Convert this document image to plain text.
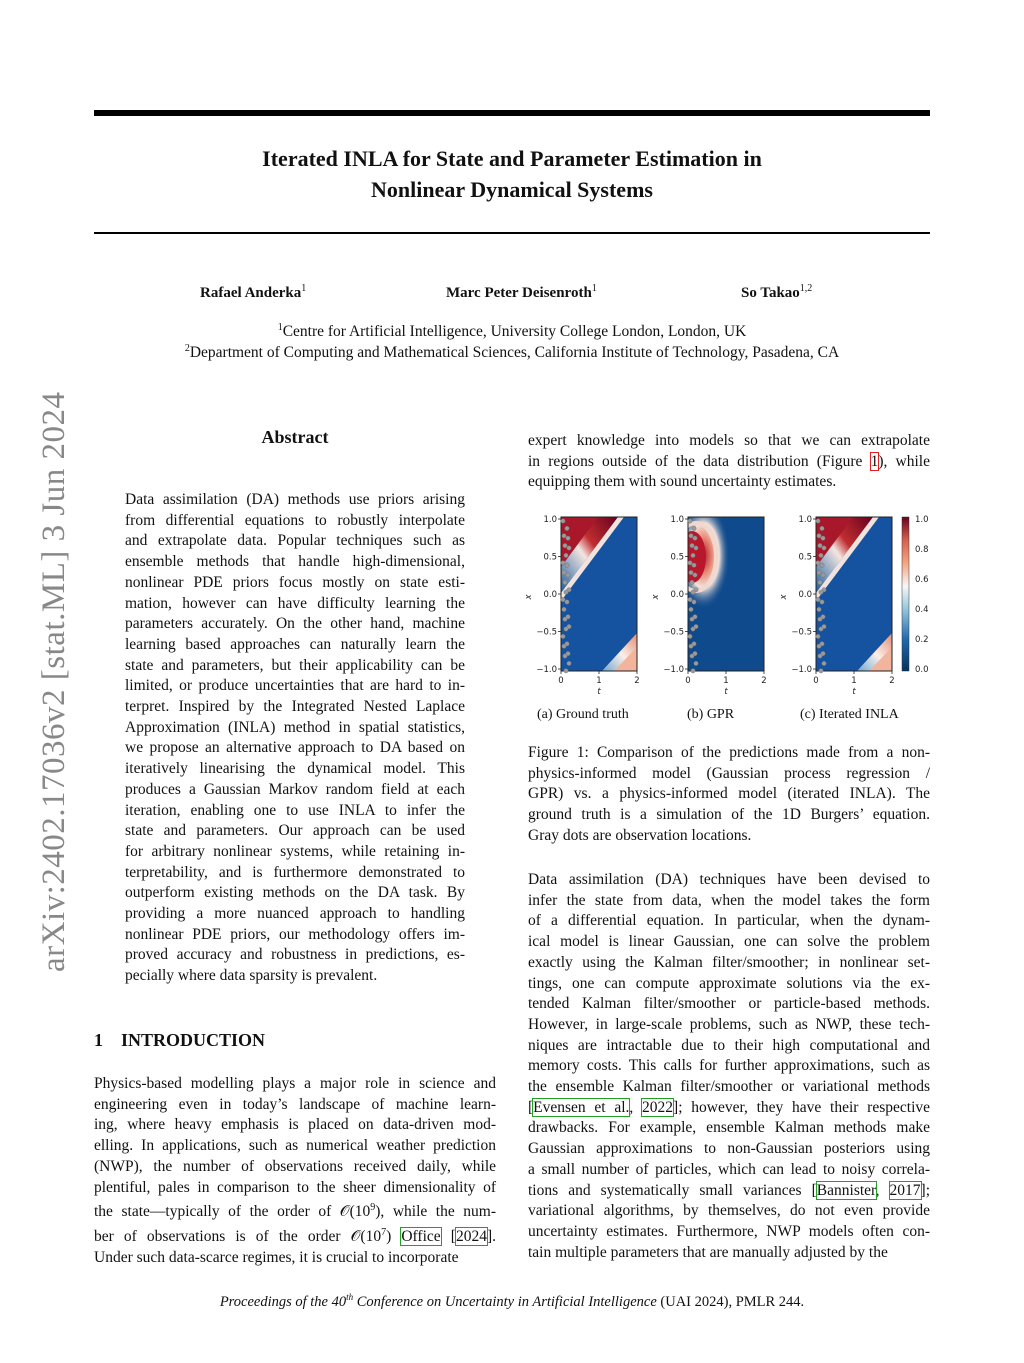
Iterated INLA for State and Parameter Estimation in
Nonlinear Dynamical Systems
Rafael Anderka$^1$	Marc Peter Deisenroth$^1$	So Takao$^{1,2}$
$^1$Centre for Artificial Intelligence, University College London, London, UK
$^2$Department of Computing and Mathematical Sciences, California Institute of Technology, Pasadena, CA
arXiv:2402.17036v2 [stat.ML] 3 Jun 2024	Abstract
Data assimilation (DA) methods use priors arising
from differential equations to robustly interpolate
and extrapolate data. Popular techniques such as
ensemble methods that handle high-dimensional,
nonlinear PDE priors focus mostly on state esti-
mation, however can have difficulty learning the
parameters accurately. On the other hand, machine
learning based approaches can naturally learn the
state and parameters, but their applicability can be
limited, or produce uncertainties that are hard to in-
terpret. Inspired by the Integrated Nested Laplace
Approximation (INLA) method in spatial statistics,
we propose an alternative approach to DA based on
iteratively linearising the dynamical model. This
produces a Gaussian Markov random field at each
iteration, enabling one to use INLA to infer the
state and parameters. Our approach can be used
for arbitrary nonlinear systems, while retaining in-
terpretability, and is furthermore demonstrated to
outperform existing methods on the DA task. By
providing a more nuanced approach to handling
nonlinear PDE priors, our methodology offers im-
proved accuracy and robustness in predictions, es-
pecially where data sparsity is prevalent.
1 INTRODUCTION
Physics-based modelling plays a major role in science and
engineering even in today’s landscape of machine learn-
ing, where heavy emphasis is placed on data-driven mod-
elling. In applications, such as numerical weather prediction
(NWP), the number of observations received daily, while
plentiful, pales in comparison to the sheer dimensionality of
the state—typically of the order of $𝒪(10^9)$, while the num-
ber of observations is of the order $𝒪(10^7)$ Office [2024].
Under such data-scarce regimes, it is crucial to incorporate
expert knowledge into models so that we can extrapolate
in regions outside of the data distribution (Figure 1), while
equipping them with sound uncertainty estimates.
1.0
0.5
0.0
−0.5
−1.0
0	1	2
t
x
1.0
0.5
0.0
−0.5
−1.0
0	1	2
t
x
1.0
0.5
0.0
−0.5
−1.0
0	1	2
t
x
1.0
0.8
0.6
0.4
0.2
0.0
(a) Ground truth	(b) GPR	(c) Iterated INLA
Figure 1: Comparison of the predictions made from a non-
physics-informed model (Gaussian process regression /
GPR) vs. a physics-informed model (iterated INLA). The
ground truth is a simulation of the 1D Burgers’ equation.
Gray dots are observation locations.
Data assimilation (DA) techniques have been devised to
infer the state from data, when the model takes the form
of a differential equation. In particular, when the dynam-
ical model is linear Gaussian, one can solve the problem
exactly using the Kalman filter/smoother; in nonlinear set-
tings, one can compute approximate solutions via the ex-
tended Kalman filter/smoother or particle-based methods.
However, in large-scale problems, such as NWP, these tech-
niques are intractable due to their high computational and
memory costs. This calls for further approximations, such as
the ensemble Kalman filter/smoother or variational methods
[Evensen et al., 2022]; however, they have their respective
drawbacks. For example, ensemble Kalman methods make
Gaussian approximations to non-Gaussian posteriors using
a small number of particles, which can lead to noisy correla-
tions and systematically small variances [Bannister, 2017];
variational algorithms, by themselves, do not even provide
uncertainty estimates. Furthermore, NWP models often con-
tain multiple parameters that are manually adjusted by the
Proceedings of the 40th Conference on Uncertainty in Artificial Intelligence (UAI 2024), PMLR 244.
